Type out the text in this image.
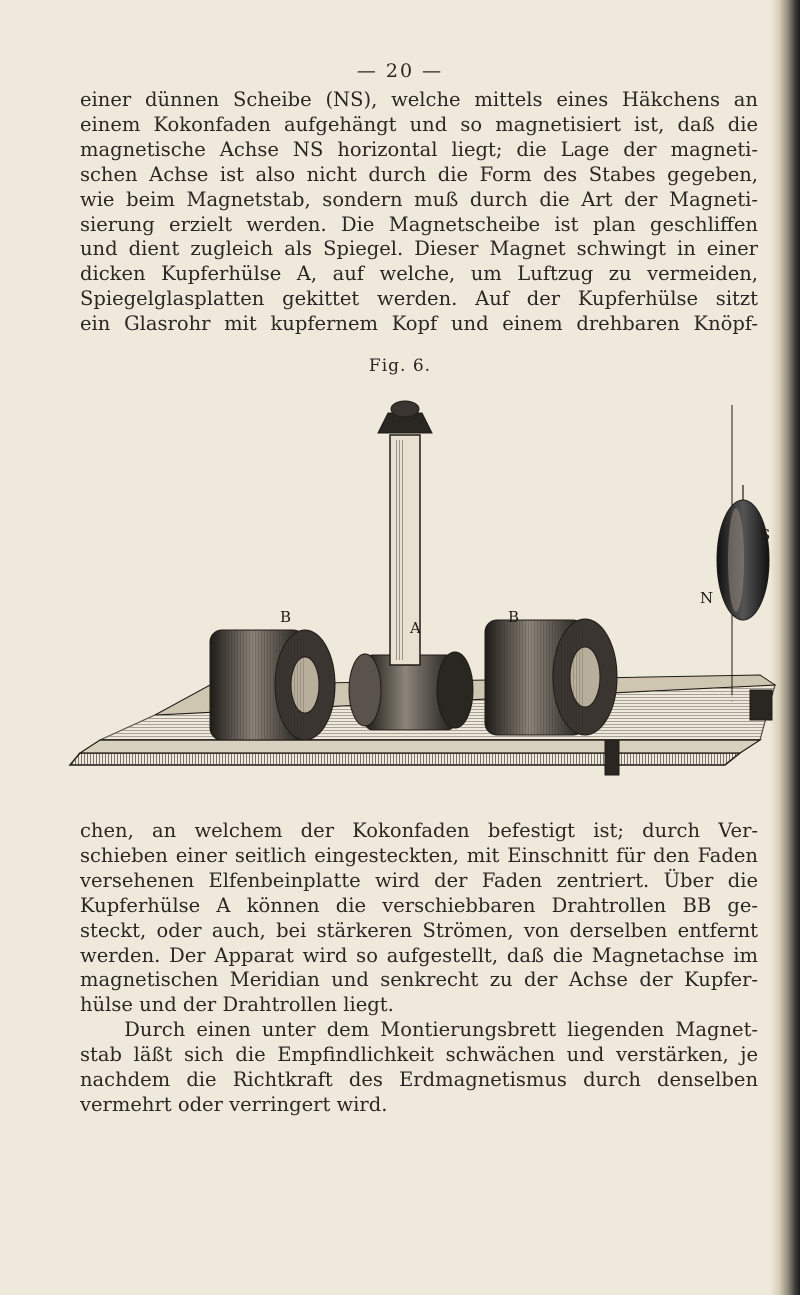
— 20 —

einer dünnen Scheibe (NS), welche mittels eines Häkchens an
einem Kokonfaden aufgehängt und so magnetisiert ist, daß die
magnetische Achse NS horizontal liegt; die Lage der magneti-
schen Achse ist also nicht durch die Form des Stabes gegeben,
wie beim Magnetstab, sondern muß durch die Art der Magneti-
sierung erzielt werden. Die Magnetscheibe ist plan geschliffen
und dient zugleich als Spiegel. Dieser Magnet schwingt in einer
dicken Kupferhülse A, auf welche, um Luftzug zu vermeiden,
Spiegelglasplatten gekittet werden. Auf der Kupferhülse sitzt
ein Glasrohr mit kupfernem Kopf und einem drehbaren Knöpf-

Fig. 6.
B	B
A
N
S

chen, an welchem der Kokonfaden befestigt ist; durch Ver-
schieben einer seitlich eingesteckten, mit Einschnitt für den Faden
versehenen Elfenbeinplatte wird der Faden zentriert. Über die
Kupferhülse A können die verschiebbaren Drahtrollen BB ge-
steckt, oder auch, bei stärkeren Strömen, von derselben entfernt
werden. Der Apparat wird so aufgestellt, daß die Magnetachse im
magnetischen Meridian und senkrecht zu der Achse der Kupfer-
hülse und der Drahtrollen liegt.
Durch einen unter dem Montierungsbrett liegenden Magnet-
stab läßt sich die Empfindlichkeit schwächen und verstärken, je
nachdem die Richtkraft des Erdmagnetismus durch denselben
vermehrt oder verringert wird.
